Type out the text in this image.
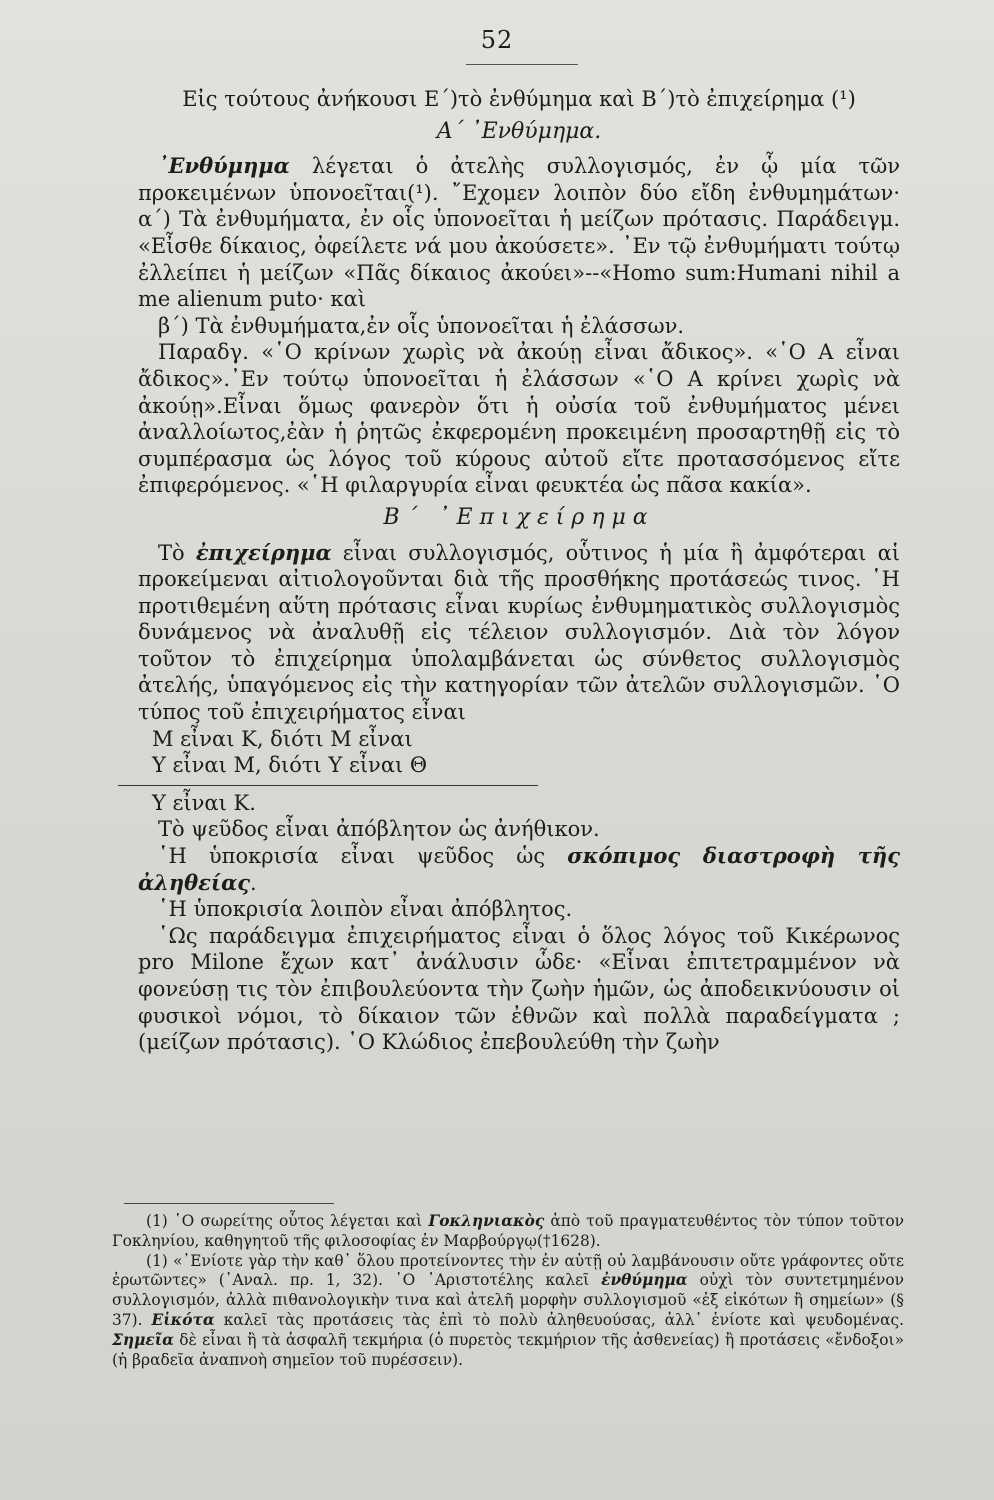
52

Εἰς τούτους ἀνήκουσι Ε΄)τὸ ἐνθύμημα καὶ Β΄)τὸ ἐπιχείρημα (¹)

Α΄ ᾿Ενθύμημα.

᾿Ενθύμημα λέγεται ὁ ἀτελὴς συλλογισμός, ἐν ᾧ μία τῶν προκειμένων ὑπονοεῖται(¹). ῎Εχομεν λοιπὸν δύο εἴδη ἐνθυμημάτων· α΄) Τὰ ἐνθυμήματα, ἐν οἷς ὑπονοεῖται ἡ μείζων πρότασις. Παράδειγμ. «Εἶσθε δίκαιος, ὀφείλετε νά μου ἀκούσετε». ᾿Εν τῷ ἐνθυμήματι τούτῳ ἐλλείπει ἡ μείζων «Πᾶς δίκαιος ἀκούει»--«Homo sum:Humani nihil a me alienum puto· καὶ

β΄) Τὰ ἐνθυμήματα,ἐν οἷς ὑπονοεῖται ἡ ἐλάσσων.

Παραδγ. «῾Ο κρίνων χωρὶς νὰ ἀκούῃ εἶναι ἄδικος». «῾Ο Α εἶναι ἄδικος».᾿Εν τούτῳ ὑπονοεῖται ἡ ἐλάσσων «῾Ο Α κρίνει χωρὶς νὰ ἀκούῃ».Εἶναι ὅμως φανερὸν ὅτι ἡ οὐσία τοῦ ἐνθυμήματος μένει ἀναλλοίωτος,ἐὰν ἡ ῥητῶς ἐκφερομένη προκειμένη προσαρτηθῇ εἰς τὸ συμπέρασμα ὡς λόγος τοῦ κύρους αὐτοῦ εἴτε προτασσόμενος εἴτε ἐπιφερόμενος. «῾Η φιλαργυρία εἶναι φευκτέα ὡς πᾶσα κακία».

Β΄ ᾿Επιχείρημα

Τὸ ἐπιχείρημα εἶναι συλλογισμός, οὗτινος ἡ μία ἢ ἀμφότεραι αἱ προκείμεναι αἰτιολογοῦνται διὰ τῆς προσθήκης προτάσεώς τινος. ῾Η προτιθεμένη αὕτη πρότασις εἶναι κυρίως ἐνθυμηματικὸς συλλογισμὸς δυνάμενος νὰ ἀναλυθῇ εἰς τέλειον συλλογισμόν. Διὰ τὸν λόγον τοῦτον τὸ ἐπιχείρημα ὑπολαμβάνεται ὡς σύνθετος συλλογισμὸς ἀτελής, ὑπαγόμενος εἰς τὴν κατηγορίαν τῶν ἀτελῶν συλλογισμῶν. ῾Ο τύπος τοῦ ἐπιχειρήματος εἶναι

Μ εἶναι Κ, διότι Μ εἶναι

Υ εἶναι Μ, διότι Υ εἶναι Θ

Υ εἶναι Κ.

Τὸ ψεῦδος εἶναι ἀπόβλητον ὡς ἀνήθικον.

῾Η ὑποκρισία εἶναι ψεῦδος ὡς σκόπιμος διαστροφὴ τῆς ἀληθείας.

῾Η ὑποκρισία λοιπὸν εἶναι ἀπόβλητος.

῾Ως παράδειγμα ἐπιχειρήματος εἶναι ὁ ὅλος λόγος τοῦ Κικέρωνος pro Milone ἔχων κατ᾿ ἀνάλυσιν ὧδε· «Εἶναι ἐπιτετραμμένον νὰ φονεύσῃ τις τὸν ἐπιβουλεύοντα τὴν ζωὴν ἡμῶν, ὡς ἀποδεικνύουσιν οἱ φυσικοὶ νόμοι, τὸ δίκαιον τῶν ἐθνῶν καὶ πολλὰ παραδείγματα ; (μείζων πρότασις). ῾Ο Κλώδιος ἐπεβουλεύθη τὴν ζωὴν

(1) ῾Ο σωρείτης οὗτος λέγεται καὶ Γοκληνιακὸς ἀπὸ τοῦ πραγματευθέντος τὸν τύπον τοῦτον Γοκληνίου, καθηγητοῦ τῆς φιλοσοφίας ἐν Μαρβούργῳ(†1628).

(1) «᾿Ενίοτε γὰρ τὴν καθ᾿ ὅλου προτείνοντες τὴν ἐν αὐτῇ οὐ λαμβάνουσιν οὔτε γράφοντες οὔτε ἐρωτῶντες» (᾿Αναλ. πρ. 1, 32). ῾Ο ᾿Αριστοτέλης καλεῖ ἐνθύμημα οὐχὶ τὸν συντετμημένον συλλογισμόν, ἀλλὰ πιθανολογικὴν τινα καὶ ἀτελῆ μορφὴν συλλογισμοῦ «ἐξ εἰκότων ἢ σημείων» (§ 37). Εἰκότα καλεῖ τὰς προτάσεις τὰς ἐπὶ τὸ πολὺ ἀληθευούσας, ἀλλ᾿ ἐνίοτε καὶ ψευδομένας. Σημεῖα δὲ εἶναι ἢ τὰ ἀσφαλῆ τεκμήρια (ὁ πυρετὸς τεκμήριον τῆς ἀσθενείας) ἢ προτάσεις «ἔνδοξοι» (ἡ βραδεῖα ἀναπνοὴ σημεῖον τοῦ πυρέσσειν).
